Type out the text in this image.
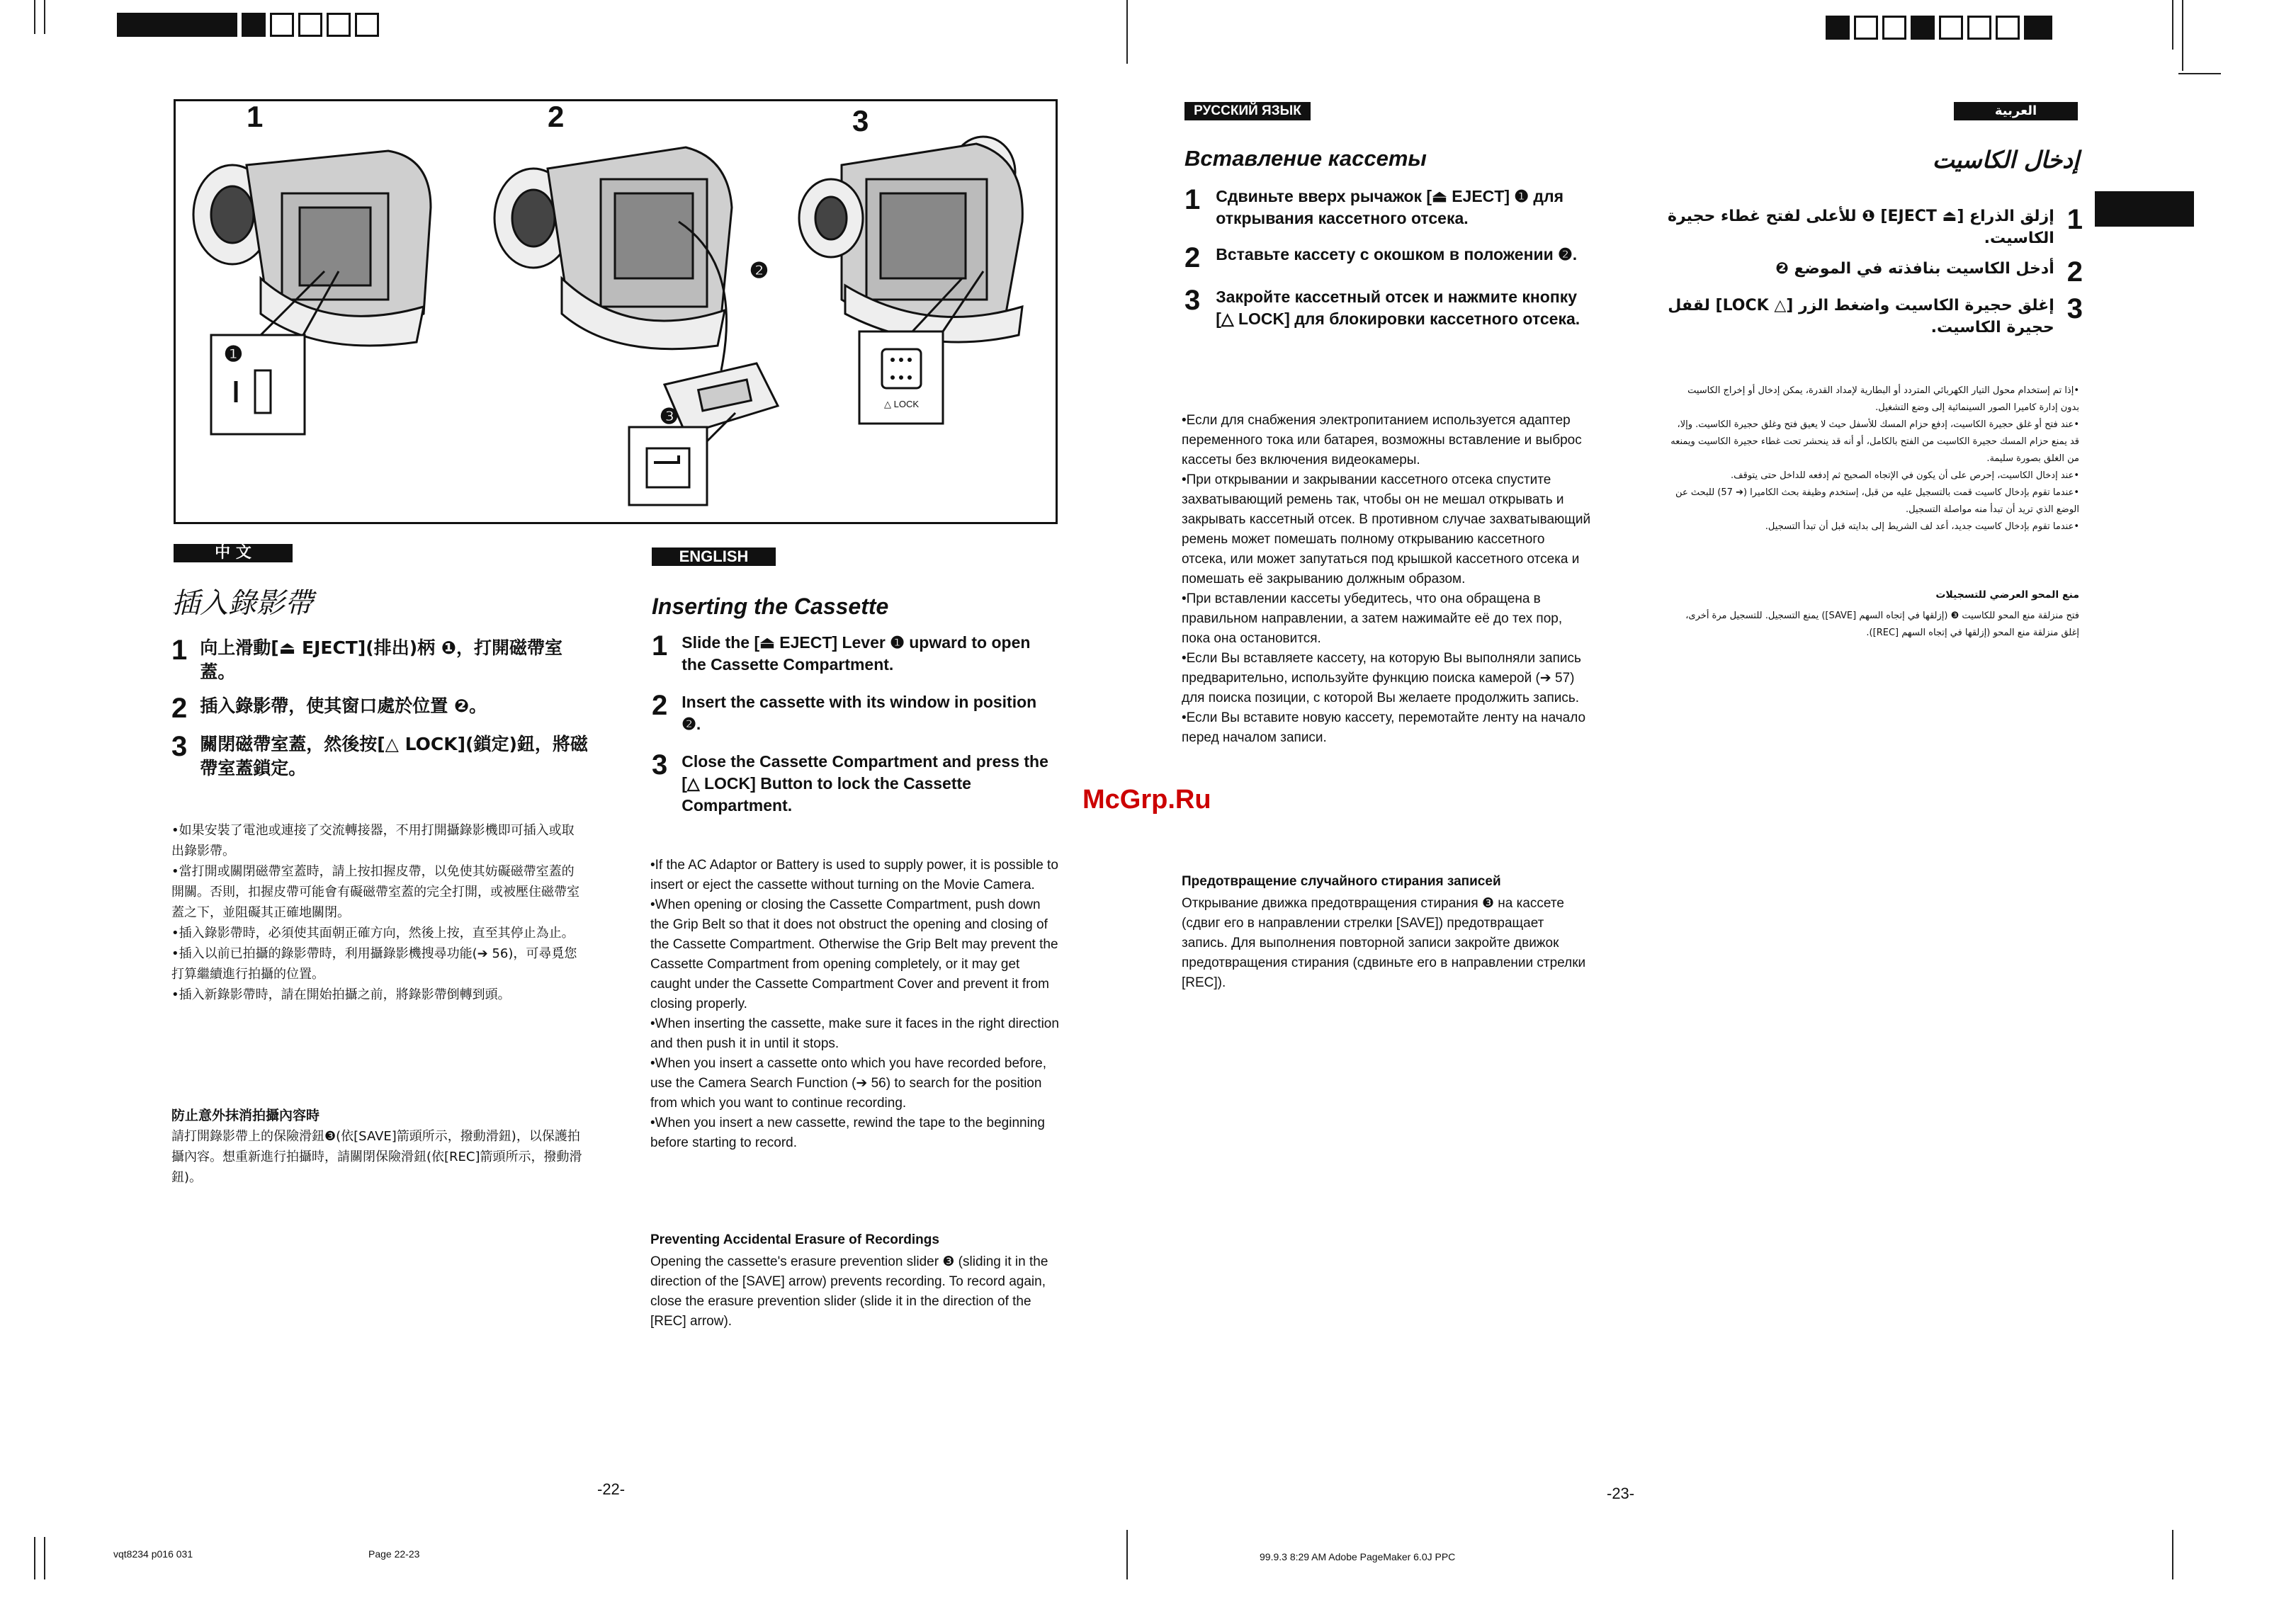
1	2	3
❶
❷
❸
△ LOCK
中 文
插入錄影帶
1 向上滑動[⏏ EJECT](排出)柄 ❶，打開磁帶室蓋。
2 插入錄影帶，使其窗口處於位置 ❷。
3 關閉磁帶室蓋，然後按[△ LOCK](鎖定)鈕，將磁帶室蓋鎖定。
•如果安裝了電池或連接了交流轉接器，不用打開攝錄影機即可插入或取出錄影帶。
•當打開或關閉磁帶室蓋時，請上按扣握皮帶，以免使其妨礙磁帶室蓋的開關。否則，扣握皮帶可能會有礙磁帶室蓋的完全打開，或被壓住磁帶室蓋之下，並阻礙其正確地關閉。
•插入錄影帶時，必須使其面朝正確方向，然後上按，直至其停止為止。
•插入以前已拍攝的錄影帶時，利用攝錄影機搜尋功能(➔ 56)，可尋覓您打算繼續進行拍攝的位置。
•插入新錄影帶時，請在開始拍攝之前，將錄影帶倒轉到頭。
防止意外抹消拍攝內容時
請打開錄影帶上的保險滑鈕❸(依[SAVE]箭頭所示，撥動滑鈕)，以保護拍攝內容。想重新進行拍攝時，請關閉保險滑鈕(依[REC]箭頭所示，撥動滑鈕)。
ENGLISH
Inserting the Cassette
1 Slide the [⏏ EJECT] Lever ❶ upward to open the Cassette Compartment.
2 Insert the cassette with its window in position ❷.
3 Close the Cassette Compartment and press the [△ LOCK] Button to lock the Cassette Compartment.
•If the AC Adaptor or Battery is used to supply power, it is possible to insert or eject the cassette without turning on the Movie Camera.
•When opening or closing the Cassette Compartment, push down the Grip Belt so that it does not obstruct the opening and closing of the Cassette Compartment. Otherwise the Grip Belt may prevent the Cassette Compartment from opening completely, or it may get caught under the Cassette Compartment Cover and prevent it from closing properly.
•When inserting the cassette, make sure it faces in the right direction and then push it in until it stops.
•When you insert a cassette onto which you have recorded before, use the Camera Search Function (➔ 56) to search for the position from which you want to continue recording.
•When you insert a new cassette, rewind the tape to the beginning before starting to record.
Preventing Accidental Erasure of Recordings
Opening the cassette's erasure prevention slider ❸ (sliding it in the direction of the [SAVE] arrow) prevents recording. To record again, close the erasure prevention slider (slide it in the direction of the [REC] arrow).
-22-
vqt8234 p016 031	Page 22-23
РУССКИЙ ЯЗЫК
Вставление кассеты
1 Сдвиньте вверх рычажок [⏏ EJECT] ❶ для открывания кассетного отсека.
2 Вставьте кассету с окошком в положении ❷.
3 Закройте кассетный отсек и нажмите кнопку [△ LOCK] для блокировки кассетного отсека.
•Если для снабжения электропитанием используется адаптер переменного тока или батарея, возможны вставление и выброс кассеты без включения видеокамеры.
•При открывании и закрывании кассетного отсека спустите захватывающий ремень так, чтобы он не мешал открывать и закрывать кассетный отсек. В противном случае захватывающий ремень может помешать полному открыванию кассетного отсека, или может запутаться под крышкой кассетного отсека и помешать её закрыванию должным образом.
•При вставлении кассеты убедитесь, что она обращена в правильном направлении, а затем нажимайте её до тех пор, пока она остановится.
•Если Вы вставляете кассету, на которую Вы выполняли запись предварительно, используйте функцию поиска камерой (➔ 57) для поиска позиции, с которой Вы желаете продолжить запись.
•Если Вы вставите новую кассету, перемотайте ленту на начало перед началом записи.
Предотвращение случайного стирания записей
Открывание движка предотвращения стирания ❸ на кассете (сдвиг его в направлении стрелки [SAVE]) предотвращает запись. Для выполнения повторной записи закройте движок предотвращения стирания (сдвиньте его в направлении стрелки [REC]).
McGrp.Ru
العربية
إدخال الكاسيت
1
إزلق الذراع [⏏ EJECT] ❶ للأعلى لفتح غطاء حجيرة الكاسيت.
2
أدخل الكاسيت بنافذته في الموضع ❷
3
إغلق حجيرة الكاسيت واضغط الزر [△ LOCK] لقفل حجيرة الكاسيت.
•إذا تم إستخدام محول التيار الكهربائي المتردد أو البطارية لإمداد القدرة، يمكن إدخال أو إخراج الكاسيت بدون إدارة كاميرا الصور السينمائية إلى وضع التشغيل.
•عند فتح أو غلق حجيرة الكاسيت، إدفع حزام المسك للأسفل حيث لا يعيق فتح وغلق حجيرة الكاسيت. وإلا، قد يمنع حزام المسك حجيرة الكاسيت من الفتح بالكامل، أو أنه قد ينحشر تحت غطاء حجيرة الكاسيت ويمنعه من الغلق بصورة سليمة.
•عند إدخال الكاسيت، إحرص على أن يكون في الإتجاه الصحيح ثم إدفعه للداخل حتى يتوقف.
•عندما تقوم بإدخال كاسيت قمت بالتسجيل عليه من قبل، إستخدم وظيفة بحث الكاميرا (➔ 57) للبحث عن الوضع الذي تريد أن تبدأ منه مواصلة التسجيل.
•عندما تقوم بإدخال كاسيت جديد، أعد لف الشريط إلى بدايته قبل أن تبدأ التسجيل.
منع المحو العرضي للتسجيلات
فتح منزلقة منع المحو للكاسيت ❸ (إزلقها في إتجاه السهم [SAVE]) يمنع التسجيل. للتسجيل مرة أخرى، إغلق منزلقة منع المحو (إزلقها في إتجاه السهم [REC]).
-23-
99.9.3 8:29 AM Adobe PageMaker 6.0J PPC
